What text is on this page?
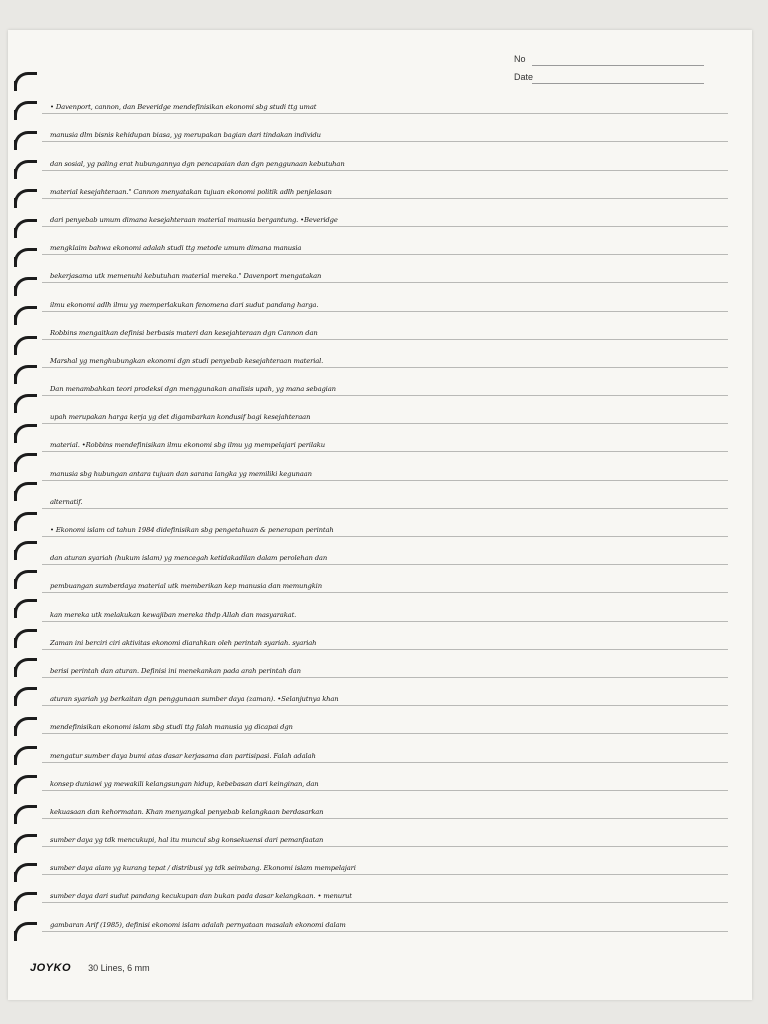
No
Date
• Davenport, cannon, dan Beveridge mendefinisikan ekonomi sbg studi ttg umat
manusia dlm bisnis kehidupan biasa, yg merupakan bagian dari tindakan individu
dan sosial, yg paling erat hubungannya dgn pencapaian dan dgn penggunaan kebutuhan
material kesejahteraan." Cannon menyatakan tujuan ekonomi politik adlh penjelasan
dari penyebab umum dimana kesejahteraan material manusia bergantung. •Beveridge
mengklaim bahwa ekonomi adalah studi ttg metode umum dimana manusia
bekerjasama utk memenuhi kebutuhan material mereka." Davenport mengatakan
ilmu ekonomi adlh ilmu yg memperlakukan fenomena dari sudut pandang harga.
Robbins mengaitkan definisi berbasis materi dan kesejahteraan dgn Cannon dan
Marshal yg menghubungkan ekonomi dgn studi penyebab kesejahteraan material.
Dan menambahkan teori prodeksi dgn menggunakan analisis upah, yg mana sebagian
upah merupakan harga kerja yg det digambarkan kondusif bagi kesejahteraan
material. •Robbins mendefinisikan ilmu ekonomi sbg ilmu yg mempelajari perilaku
manusia sbg hubungan antara tujuan dan sarana langka yg memiliki kegunaan
alternatif.
• Ekonomi islam cd tahun 1984 didefinisikan sbg pengetahuan & penerapan perintah
dan aturan syariah (hukum islam) yg mencegah ketidakadilan dalam perolehan dan
pembuangan sumberdaya material utk memberikan kep manusia dan memungkin
kan mereka utk melakukan kewajiban mereka thdp Allah dan masyarakat.
Zaman ini berciri ciri aktivitas ekonomi diarahkan oleh perintah syariah. syariah
berisi perintah dan aturan. Definisi ini menekankan pada arah perintah dan
aturan syariah yg berkaitan dgn penggunaan sumber daya (zaman). •Selanjutnya khan
mendefinisikan ekonomi islam sbg studi ttg falah manusia yg dicapai dgn
mengatur sumber daya bumi atas dasar kerjasama dan partisipasi. Falah adalah
konsep duniawi yg mewakili kelangsungan hidup, kebebasan dari keinginan, dan
kekuasaan dan kehormatan. Khan menyangkal penyebab kelangkaan berdasarkan
sumber daya yg tdk mencukupi, hal itu muncul sbg konsekuensi dari pemanfaatan
sumber daya alam yg kurang tepat / distribusi yg tdk seimbang. Ekonomi islam mempelajari
sumber daya dari sudut pandang kecukupan dan bukan pada dasar kelangkaan. • menurut
gambaran Arif (1985), definisi ekonomi islam adalah pernyataan masalah ekonomi dalam
JOYKO 30 Lines, 6 mm
